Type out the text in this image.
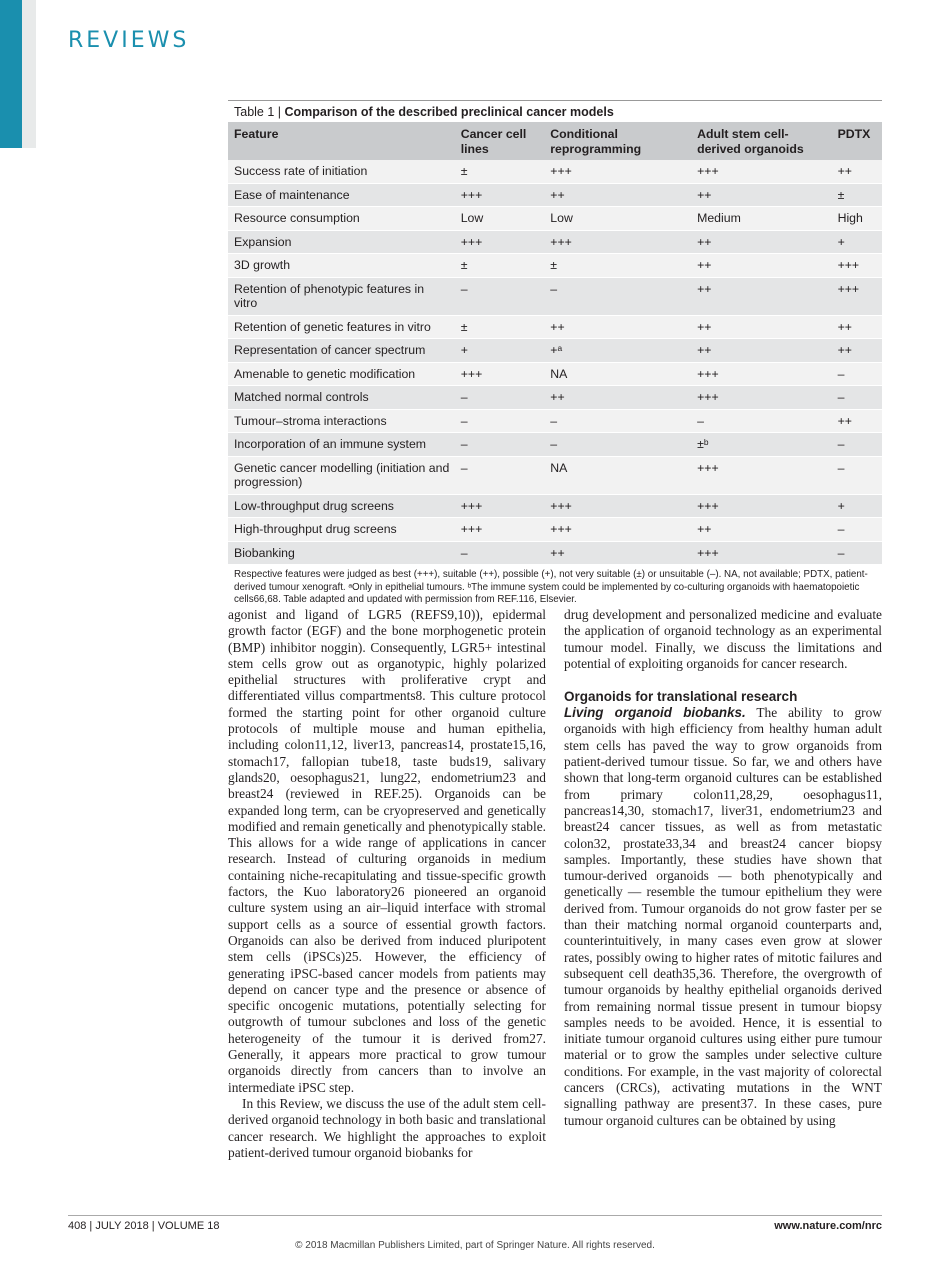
REVIEWS
Table 1 | Comparison of the described preclinical cancer models
Feature	Cancer cell lines	Conditional reprogramming	Adult stem cell-derived organoids	PDTX
Success rate of initiation	±	+++	+++	++
Ease of maintenance	+++	++	++	±
Resource consumption	Low	Low	Medium	High
Expansion	+++	+++	++	+
3D growth	±	±	++	+++
Retention of phenotypic features in vitro	–	–	++	+++
Retention of genetic features in vitro	±	++	++	++
Representation of cancer spectrum	+	+ᵃ	++	++
Amenable to genetic modification	+++	NA	+++	–
Matched normal controls	–	++	+++	–
Tumour–stroma interactions	–	–	–	++
Incorporation of an immune system	–	–	±ᵇ	–
Genetic cancer modelling (initiation and progression)	–	NA	+++	–
Low-throughput drug screens	+++	+++	+++	+
High-throughput drug screens	+++	+++	++	–
Biobanking	–	++	+++	–
Respective features were judged as best (+++), suitable (++), possible (+), not very suitable (±) or unsuitable (–). NA, not available; PDTX, patient-derived tumour xenograft. ᵃOnly in epithelial tumours. ᵇThe immune system could be implemented by co-culturing organoids with haematopoietic cells66,68. Table adapted and updated with permission from REF.116, Elsevier.

agonist and ligand of LGR5 (REFS9,10)), epidermal growth factor (EGF) and the bone morphogenetic protein (BMP) inhibitor noggin). Consequently, LGR5+ intestinal stem cells grow out as organotypic, highly polarized epithelial structures with proliferative crypt and differentiated villus compartments8. This culture protocol formed the starting point for other organoid culture protocols of multiple mouse and human epithelia, including colon11,12, liver13, pancreas14, prostate15,16, stomach17, fallopian tube18, taste buds19, salivary glands20, oesophagus21, lung22, endometrium23 and breast24 (reviewed in REF.25). Organoids can be expanded long term, can be cryopreserved and genetically modified and remain genetically and phenotypically stable. This allows for a wide range of applications in cancer research. Instead of culturing organoids in medium containing niche-recapitulating and tissue-specific growth factors, the Kuo laboratory26 pioneered an organoid culture system using an air–liquid interface with stromal support cells as a source of essential growth factors. Organoids can also be derived from induced pluripotent stem cells (iPSCs)25. However, the efficiency of generating iPSC-based cancer models from patients may depend on cancer type and the presence or absence of specific oncogenic mutations, potentially selecting for outgrowth of tumour subclones and loss of the genetic heterogeneity of the tumour it is derived from27. Generally, it appears more practical to grow tumour organoids directly from cancers than to involve an intermediate iPSC step.

In this Review, we discuss the use of the adult stem cell-derived organoid technology in both basic and translational cancer research. We highlight the approaches to exploit patient-derived tumour organoid biobanks for

drug development and personalized medicine and evaluate the application of organoid technology as an experimental tumour model. Finally, we discuss the limitations and potential of exploiting organoids for cancer research.

Organoids for translational research

Living organoid biobanks. The ability to grow organoids with high efficiency from healthy human adult stem cells has paved the way to grow organoids from patient-derived tumour tissue. So far, we and others have shown that long-term organoid cultures can be established from primary colon11,28,29, oesophagus11, pancreas14,30, stomach17, liver31, endometrium23 and breast24 cancer tissues, as well as from metastatic colon32, prostate33,34 and breast24 cancer biopsy samples. Importantly, these studies have shown that tumour-derived organoids — both phenotypically and genetically — resemble the tumour epithelium they were derived from. Tumour organoids do not grow faster per se than their matching normal organoid counterparts and, counterintuitively, in many cases even grow at slower rates, possibly owing to higher rates of mitotic failures and subsequent cell death35,36. Therefore, the overgrowth of tumour organoids by healthy epithelial organoids derived from remaining normal tissue present in tumour biopsy samples needs to be avoided. Hence, it is essential to initiate tumour organoid cultures using either pure tumour material or to grow the samples under selective culture conditions. For example, in the vast majority of colorectal cancers (CRCs), activating mutations in the WNT signalling pathway are present37. In these cases, pure tumour organoid cultures can be obtained by using

408 | JULY 2018 | VOLUME 18	www.nature.com/nrc
© 2018 Macmillan Publishers Limited, part of Springer Nature. All rights reserved.
